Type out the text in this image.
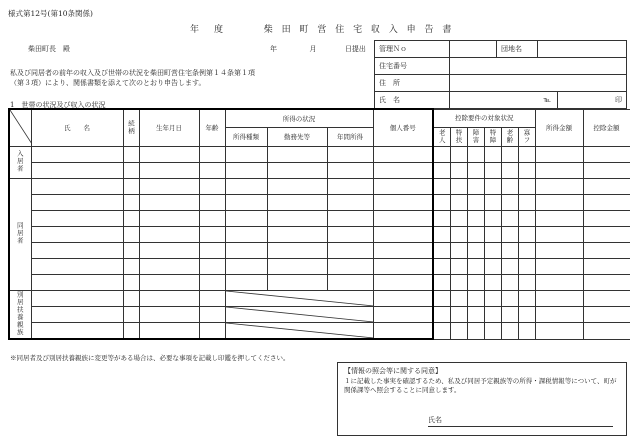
様式第12号(第10条関係)
年　度	柴 田 町 営 住 宅 収 入 申 告 書
柴田町長　殿	年	月	日提出 管理Ｎｏ		団地名		
住宅番号				
住　所				
氏　名	℡			印
私及び同居者の前年の収入及び世帯の状況を柴田町営住宅条例第１４条第１項
（第３項）により、関係書類を添えて次のとおり申告します。
1　世帯の状況及び収入の状況
	氏　　名	続柄	生年月日	年齢	所得の状況			個人番号	控除要件の対象状況						所得金額	控除金額
					所得種類	勤務先等	年間所得		老人	特扶	障害	特障	老齢	寡フ		
入居者																

同居者																

別居扶養親族					

※同居者及び別居扶養親族に変更等がある場合は、必要な事項を記載し印鑑を押してください。
【情報の照会等に関する同意】
１に記載した事実を確認するため、私及び同居予定親族等の所得・課税情報等について、町が関係課等へ照会することに同意します。
氏名
